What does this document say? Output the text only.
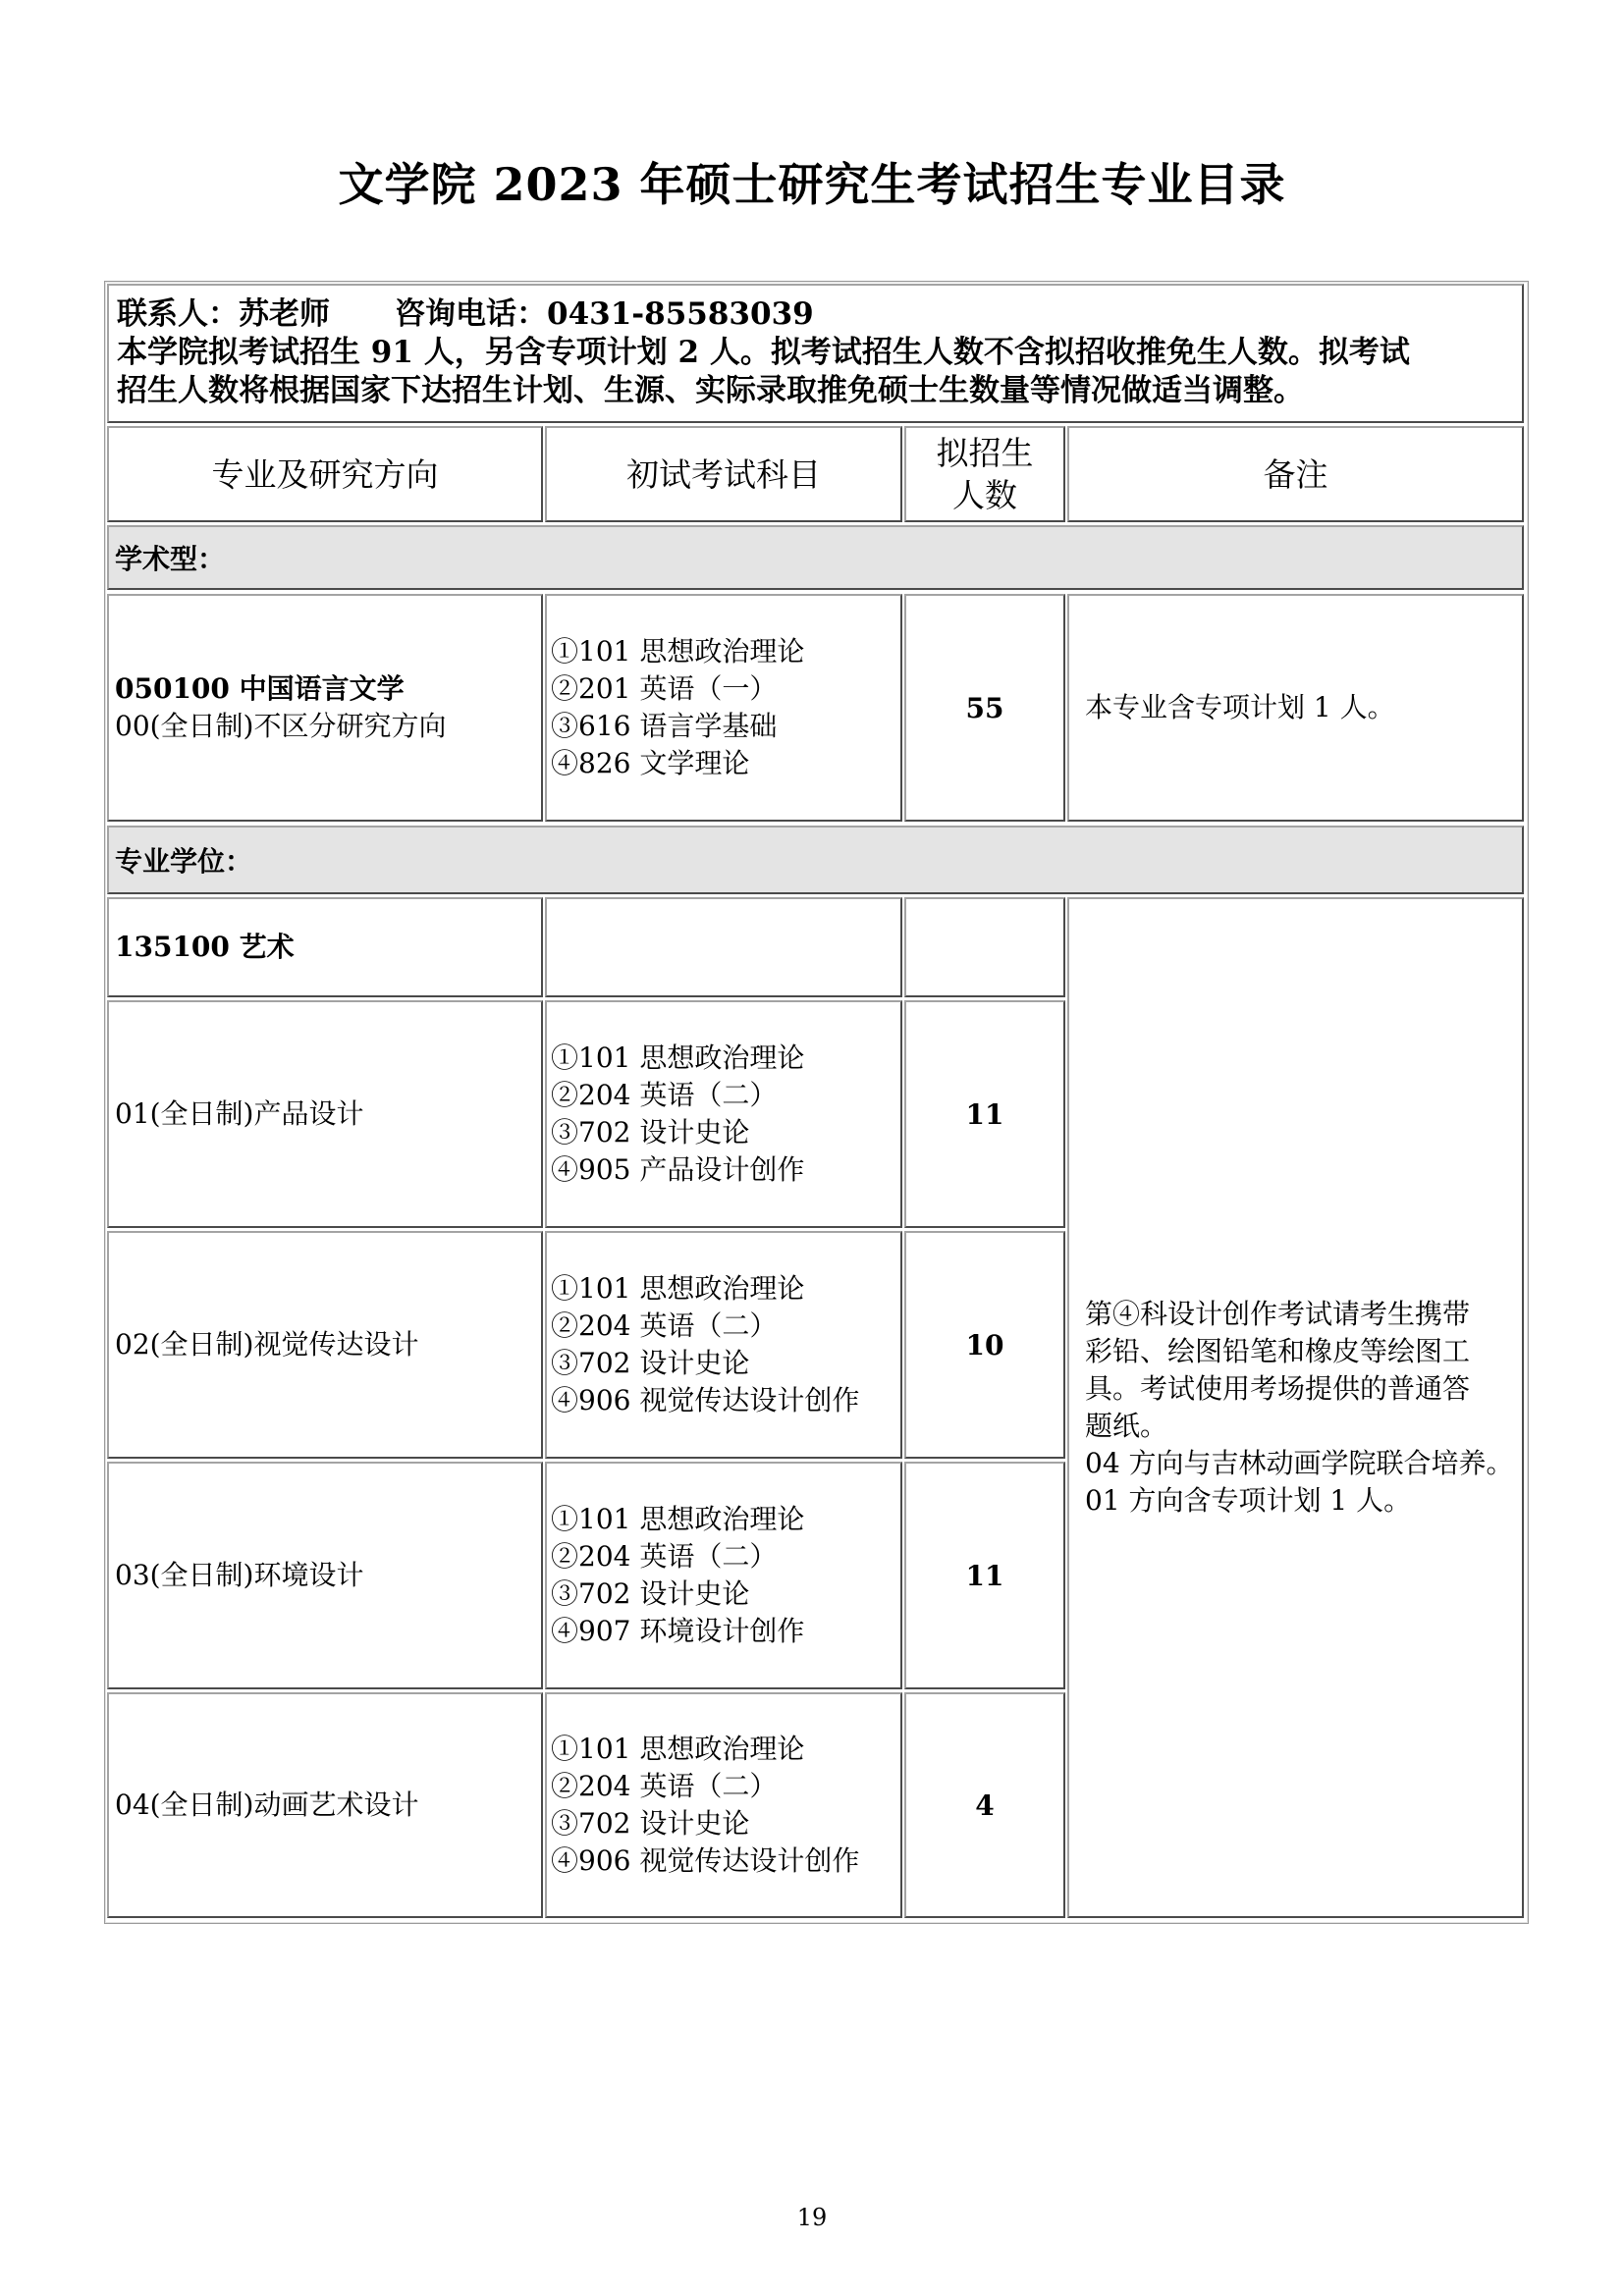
文学院 2023 年硕士研究生考试招生专业目录
联系人：苏老师 咨询电话：0431-85583039
本学院拟考试招生 91 人，另含专项计划 2 人。拟考试招生人数不含拟招收推免生人数。拟考试
招生人数将根据国家下达招生计划、生源、实际录取推免硕士生数量等情况做适当调整。
专业及研究方向	初试考试科目
拟招生
人数
备注
学术型：
050100 中国语言文学
00(全日制)不区分研究方向
①101 思想政治理论
②201 英语（一）
③616 语言学基础
④826 文学理论
55	本专业含专项计划 1 人。
专业学位：
135100 艺术
第④科设计创作考试请考生携带
彩铅、绘图铅笔和橡皮等绘图工
具。考试使用考场提供的普通答
题纸。
04 方向与吉林动画学院联合培养。
01 方向含专项计划 1 人。
01(全日制)产品设计
①101 思想政治理论
②204 英语（二）
③702 设计史论
④905 产品设计创作
11
02(全日制)视觉传达设计
①101 思想政治理论
②204 英语（二）
③702 设计史论
④906 视觉传达设计创作
10
03(全日制)环境设计
①101 思想政治理论
②204 英语（二）
③702 设计史论
④907 环境设计创作
11
04(全日制)动画艺术设计
①101 思想政治理论
②204 英语（二）
③702 设计史论
④906 视觉传达设计创作
4
19
